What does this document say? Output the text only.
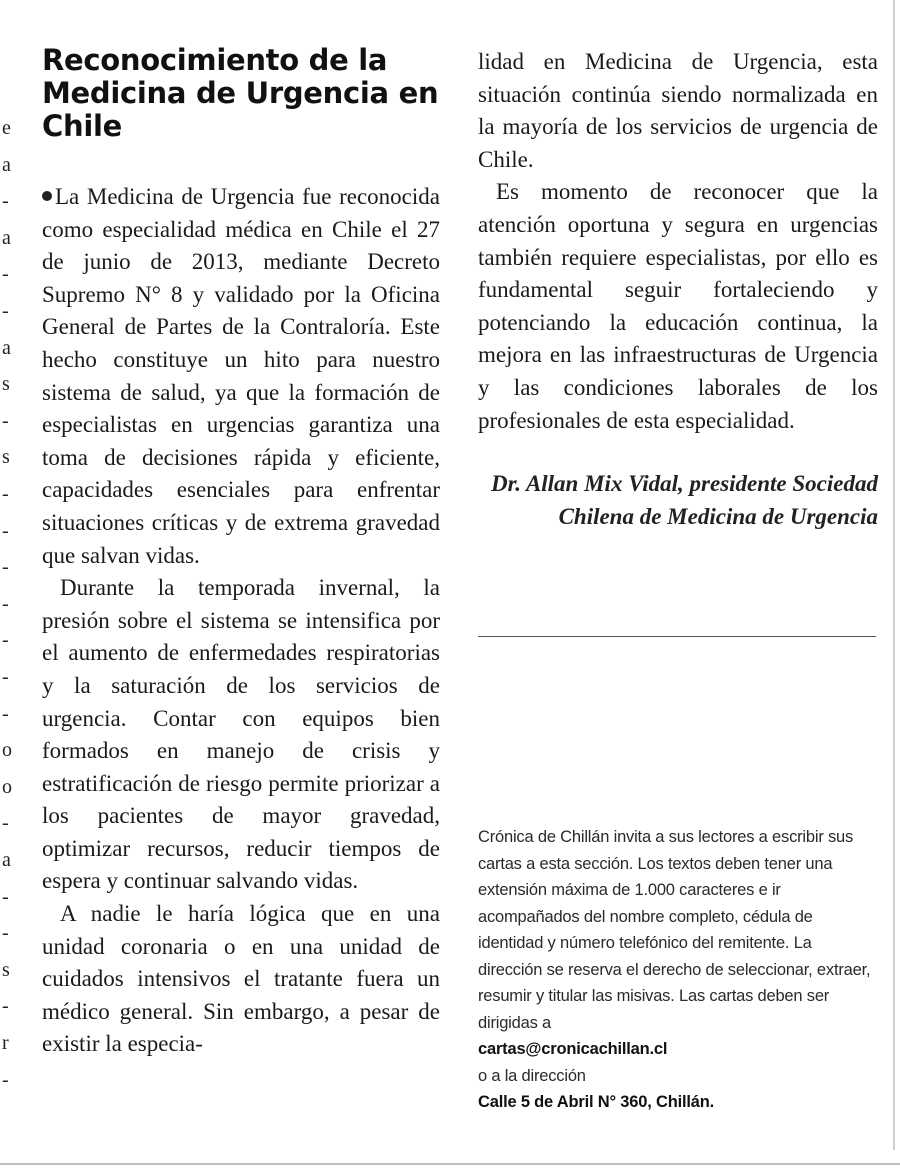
e
a
-
a
-
-
a
s
-
s
-
-
-
-
-
-
-
o
o
-
a
-
-
s
-
r
-
Reconocimiento de la Medicina de Urgencia en Chile

La Medicina de Urgencia fue reconocida como especialidad médica en Chile el 27 de junio de 2013, mediante Decreto Supremo N° 8 y validado por la Oficina General de Partes de la Contraloría. Este hecho constituye un hito para nuestro sistema de salud, ya que la formación de especialistas en urgencias garantiza una toma de decisiones rápida y eficiente, capacidades esenciales para enfrentar situaciones críticas y de extrema gravedad que salvan vidas.

Durante la temporada invernal, la presión sobre el sistema se intensifica por el aumento de enfermedades respiratorias y la saturación de los servicios de urgencia. Contar con equipos bien formados en manejo de crisis y estratificación de riesgo permite priorizar a los pacientes de mayor gravedad, optimizar recursos, reducir tiempos de espera y continuar salvando vidas.

A nadie le haría lógica que en una unidad coronaria o en una unidad de cuidados intensivos el tratante fuera un médico general. Sin embargo, a pesar de existir la especia-

lidad en Medicina de Urgencia, esta situación continúa siendo normalizada en la mayoría de los servicios de urgencia de Chile.

Es momento de reconocer que la atención oportuna y segura en urgencias también requiere especialistas, por ello es fundamental seguir fortaleciendo y potenciando la educación continua, la mejora en las infraestructuras de Urgencia y las condiciones laborales de los profesionales de esta especialidad.

Dr. Allan Mix Vidal, presidente Sociedad Chilena de Medicina de Urgencia
Crónica de Chillán invita a sus lectores a escribir sus cartas a esta sección. Los textos deben tener una extensión máxima de 1.000 caracteres e ir acompañados del nombre completo, cédula de identidad y número telefónico del remitente. La dirección se reserva el derecho de seleccionar, extraer, resumir y titular las misivas. Las cartas deben ser dirigidas a
cartas@cronicachillan.cl
o a la dirección
Calle 5 de Abril N° 360, Chillán.
